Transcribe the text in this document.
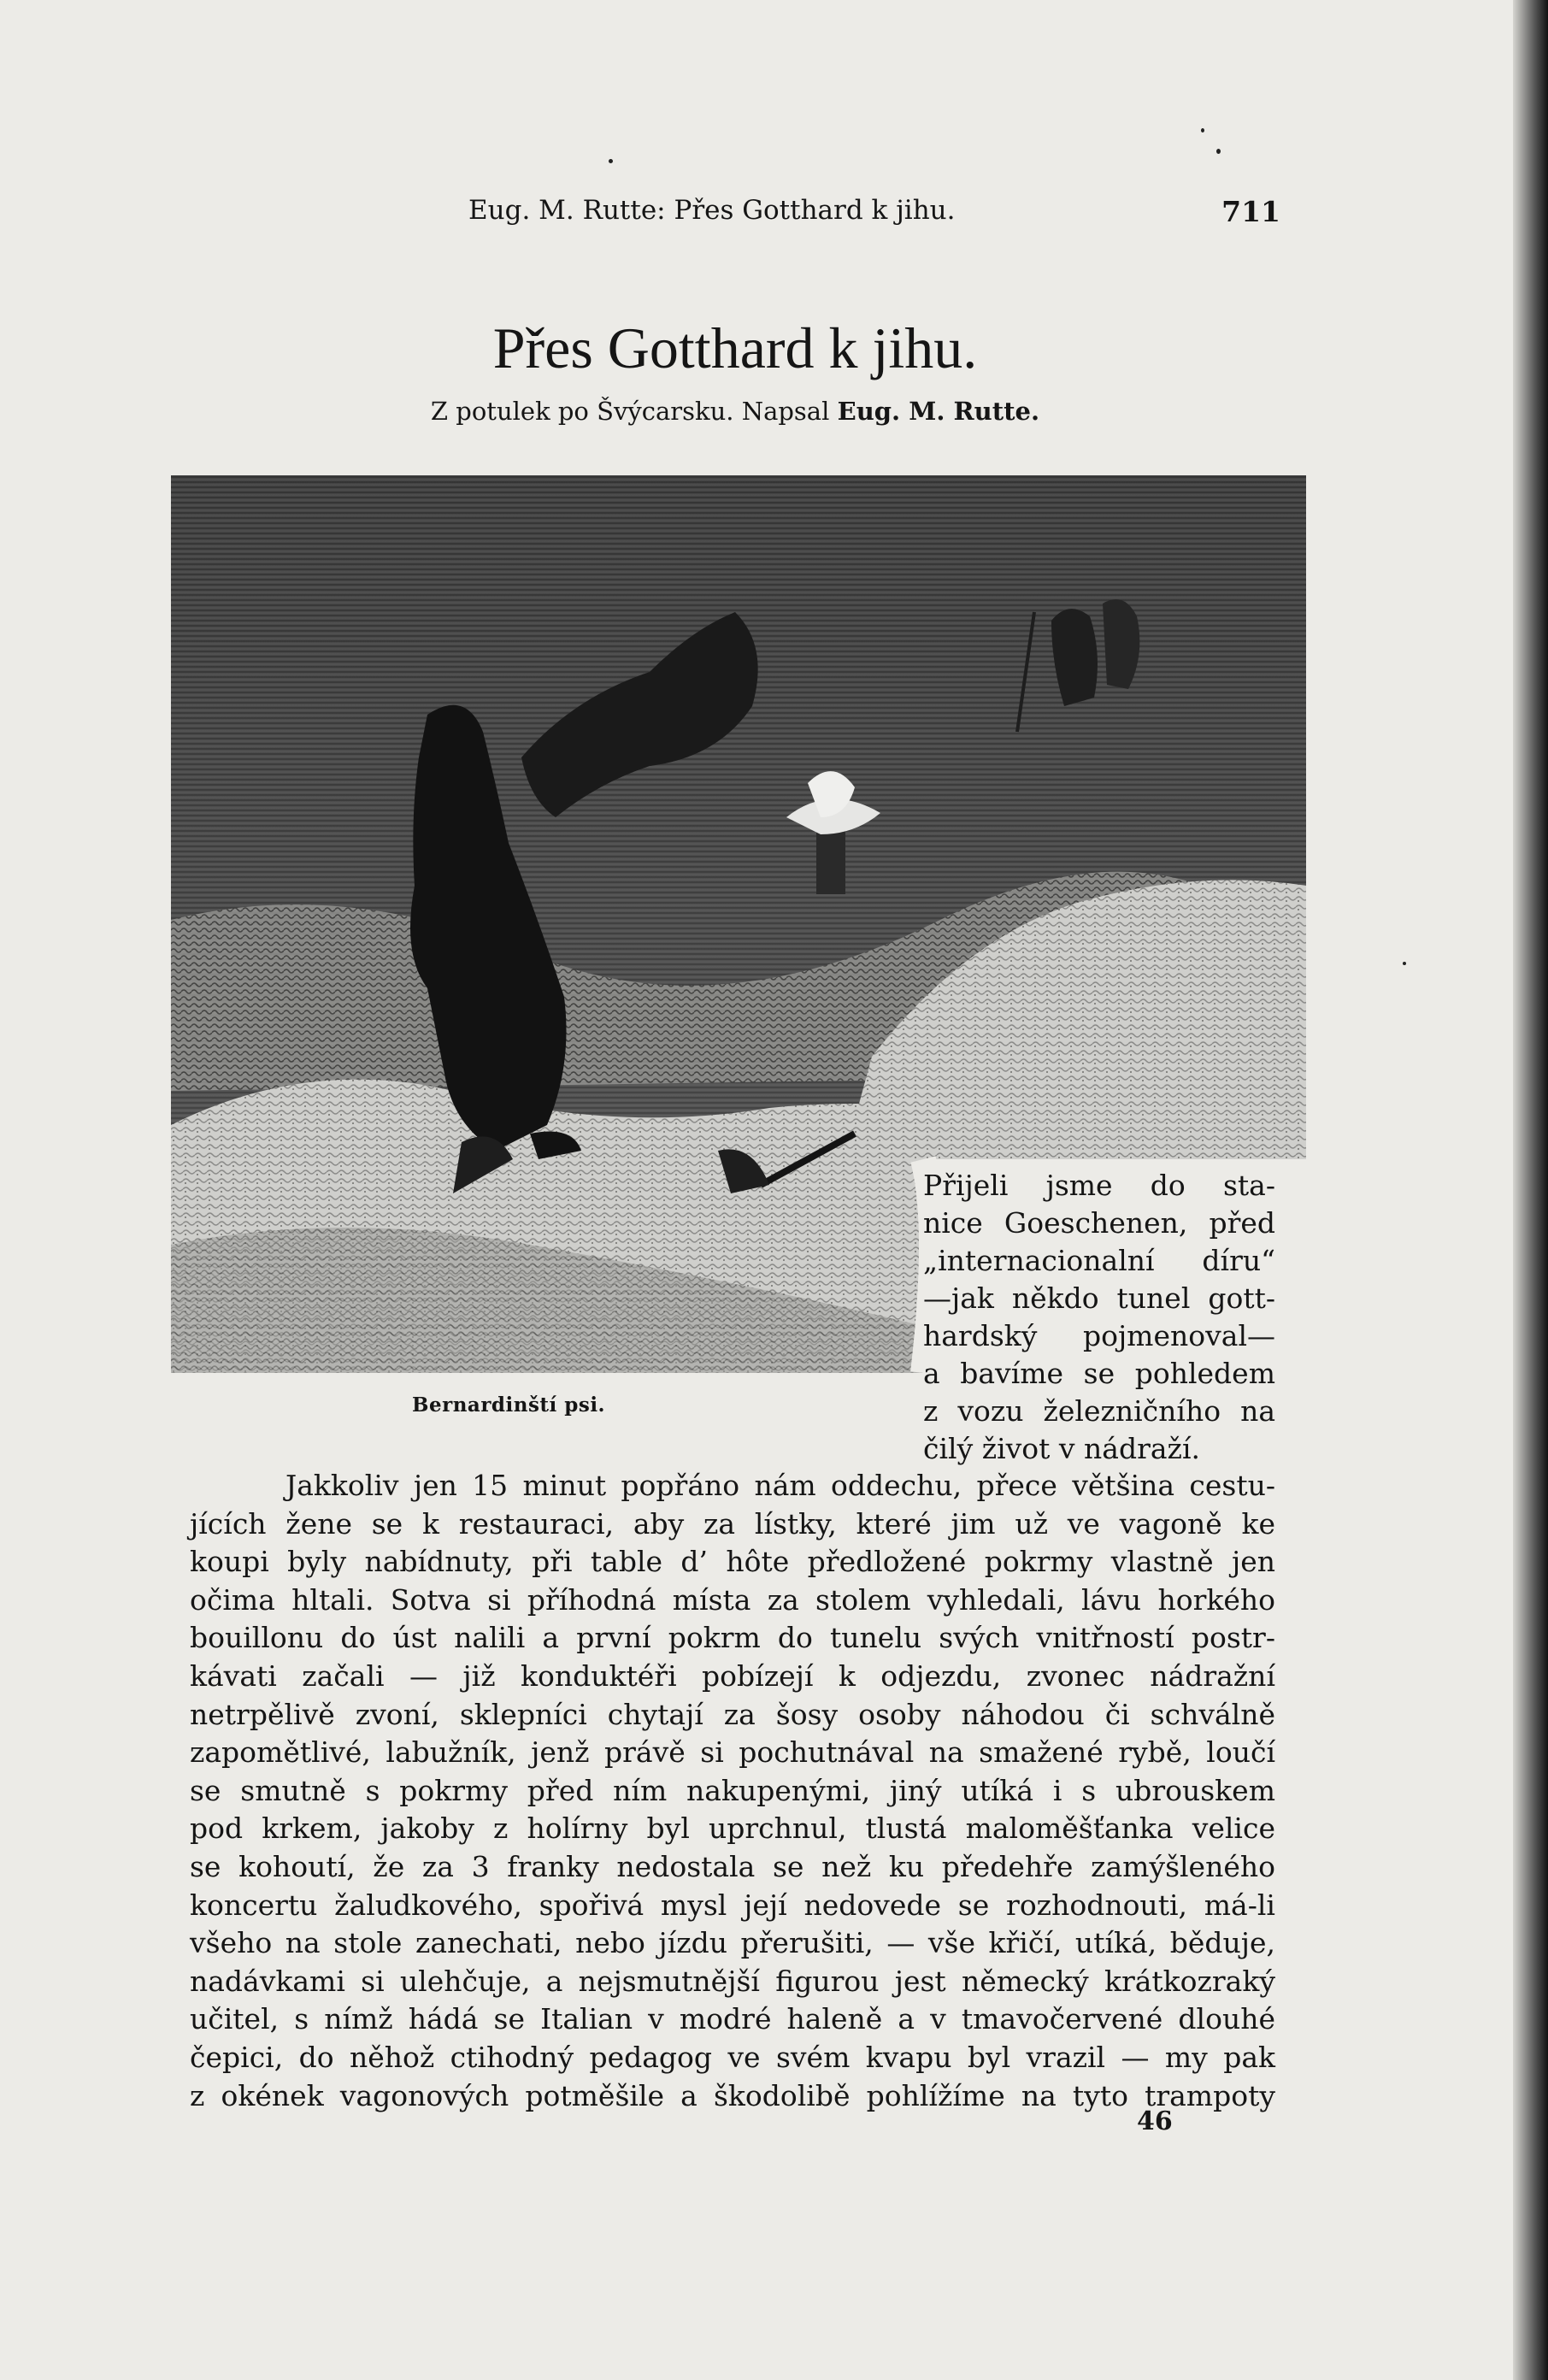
Eug. M. Rutte: Přes Gotthard k jihu.	711
Přes Gotthard k jihu.
Z potulek po Švýcarsku. Napsal Eug. M. Rutte.
Bernardinští psi.
Přijeli jsme do sta-
nice Goeschenen, před
„internacionalní díru“
—jak někdo tunel gott-
hardský pojmenoval—
a bavíme se pohledem
z vozu železničního na
čilý život v nádraží.
Jakkoliv jen 15 minut popřáno nám oddechu, přece většina cestu-
jících žene se k restauraci, aby za lístky, které jim už ve vagoně ke
koupi byly nabídnuty, při table d’ hôte předložené pokrmy vlastně jen
očima hltali. Sotva si příhodná místa za stolem vyhledali, lávu horkého
bouillonu do úst nalili a první pokrm do tunelu svých vnitřností postr-
kávati začali — již konduktéři pobízejí k odjezdu, zvonec nádražní
netrpělivě zvoní, sklepníci chytají za šosy osoby náhodou či schválně
zapomětlivé, labužník, jenž právě si pochutnával na smažené rybě, loučí
se smutně s pokrmy před ním nakupenými, jiný utíká i s ubrouskem
pod krkem, jakoby z holírny byl uprchnul, tlustá maloměšťanka velice
se kohoutí, že za 3 franky nedostala se než ku předehře zamýšleného
koncertu žaludkového, spořivá mysl její nedovede se rozhodnouti, má-li
všeho na stole zanechati, nebo jízdu přerušiti, — vše křičí, utíká, běduje,
nadávkami si ulehčuje, a nejsmutnější figurou jest německý krátkozraký
učitel, s nímž hádá se Italian v modré haleně a v tmavočervené dlouhé
čepici, do něhož ctihodný pedagog ve svém kvapu byl vrazil — my pak
z okének vagonových potměšile a škodolibě pohlížíme na tyto trampoty
46
